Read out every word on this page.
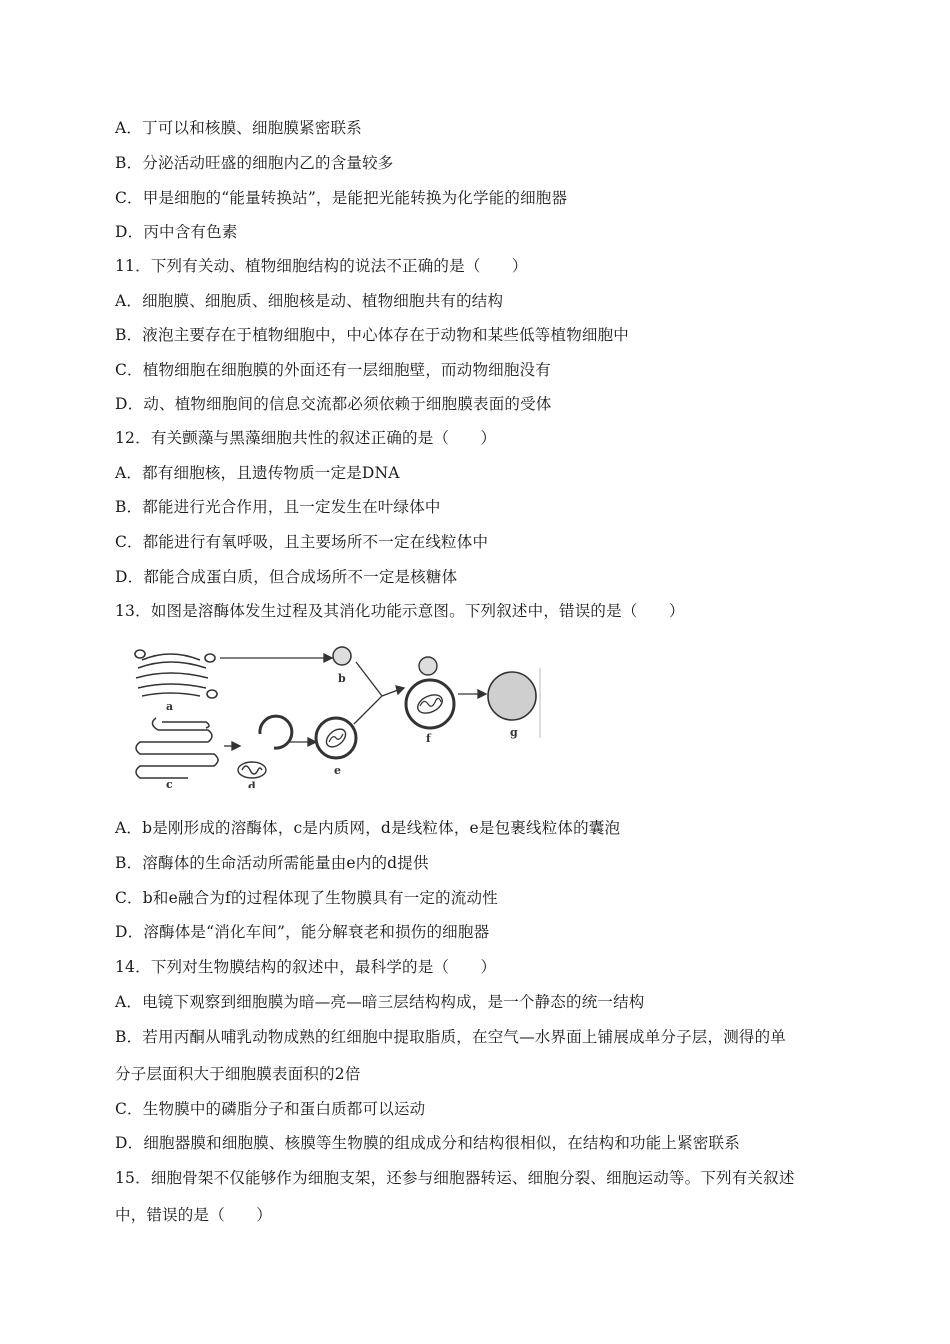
A．丁可以和核膜、细胞膜紧密联系
B．分泌活动旺盛的细胞内乙的含量较多
C．甲是细胞的“能量转换站”，是能把光能转换为化学能的细胞器
D．丙中含有色素
11．下列有关动、植物细胞结构的说法不正确的是（　　）
A．细胞膜、细胞质、细胞核是动、植物细胞共有的结构
B．液泡主要存在于植物细胞中，中心体存在于动物和某些低等植物细胞中
C．植物细胞在细胞膜的外面还有一层细胞壁，而动物细胞没有
D．动、植物细胞间的信息交流都必须依赖于细胞膜表面的受体
12．有关颤藻与黑藻细胞共性的叙述正确的是（　　）
A．都有细胞核，且遗传物质一定是DNA
B．都能进行光合作用，且一定发生在叶绿体中
C．都能进行有氧呼吸，且主要场所不一定在线粒体中
D．都能合成蛋白质，但合成场所不一定是核糖体
13．如图是溶酶体发生过程及其消化功能示意图。下列叙述中，错误的是（　　）
a
c
b
d
e
f	g
A．b是刚形成的溶酶体，c是内质网，d是线粒体，e是包裹线粒体的囊泡
B．溶酶体的生命活动所需能量由e内的d提供
C．b和e融合为f的过程体现了生物膜具有一定的流动性
D．溶酶体是“消化车间”，能分解衰老和损伤的细胞器
14．下列对生物膜结构的叙述中，最科学的是（　　）
A．电镜下观察到细胞膜为暗—亮—暗三层结构构成，是一个静态的统一结构
B．若用丙酮从哺乳动物成熟的红细胞中提取脂质，在空气—水界面上铺展成单分子层，测得的单
分子层面积大于细胞膜表面积的2倍
C．生物膜中的磷脂分子和蛋白质都可以运动
D．细胞器膜和细胞膜、核膜等生物膜的组成成分和结构很相似，在结构和功能上紧密联系
15．细胞骨架不仅能够作为细胞支架，还参与细胞器转运、细胞分裂、细胞运动等。下列有关叙述
中，错误的是（　　）
